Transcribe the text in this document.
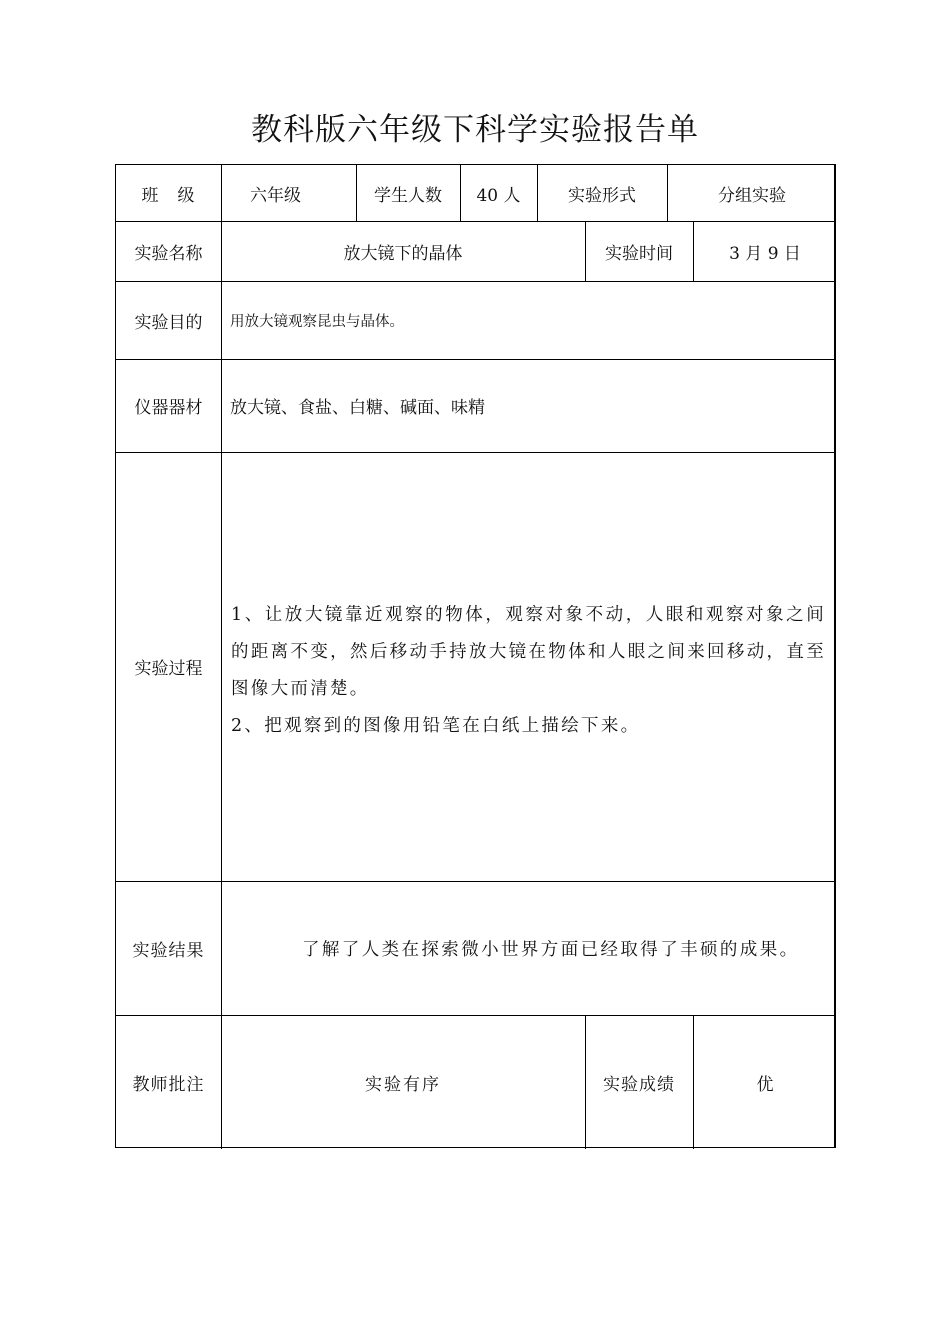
教科版六年级下科学实验报告单
班　级	六年级	学生人数	40 人	实验形式	分组实验
实验名称	放大镜下的晶体	实验时间	3 月 9 日
实验目的	用放大镜观察昆虫与晶体。
仪器器材	放大镜、食盐、白糖、碱面、味精
实验过程

1、让放大镜靠近观察的物体，观察对象不动，人眼和观察对象之间的距离不变，然后移动手持放大镜在物体和人眼之间来回移动，直至图像大而清楚。

2、把观察到的图像用铅笔在白纸上描绘下来。

实验结果	了解了人类在探索微小世界方面已经取得了丰硕的成果。
教师批注	实验有序	实验成绩	优
